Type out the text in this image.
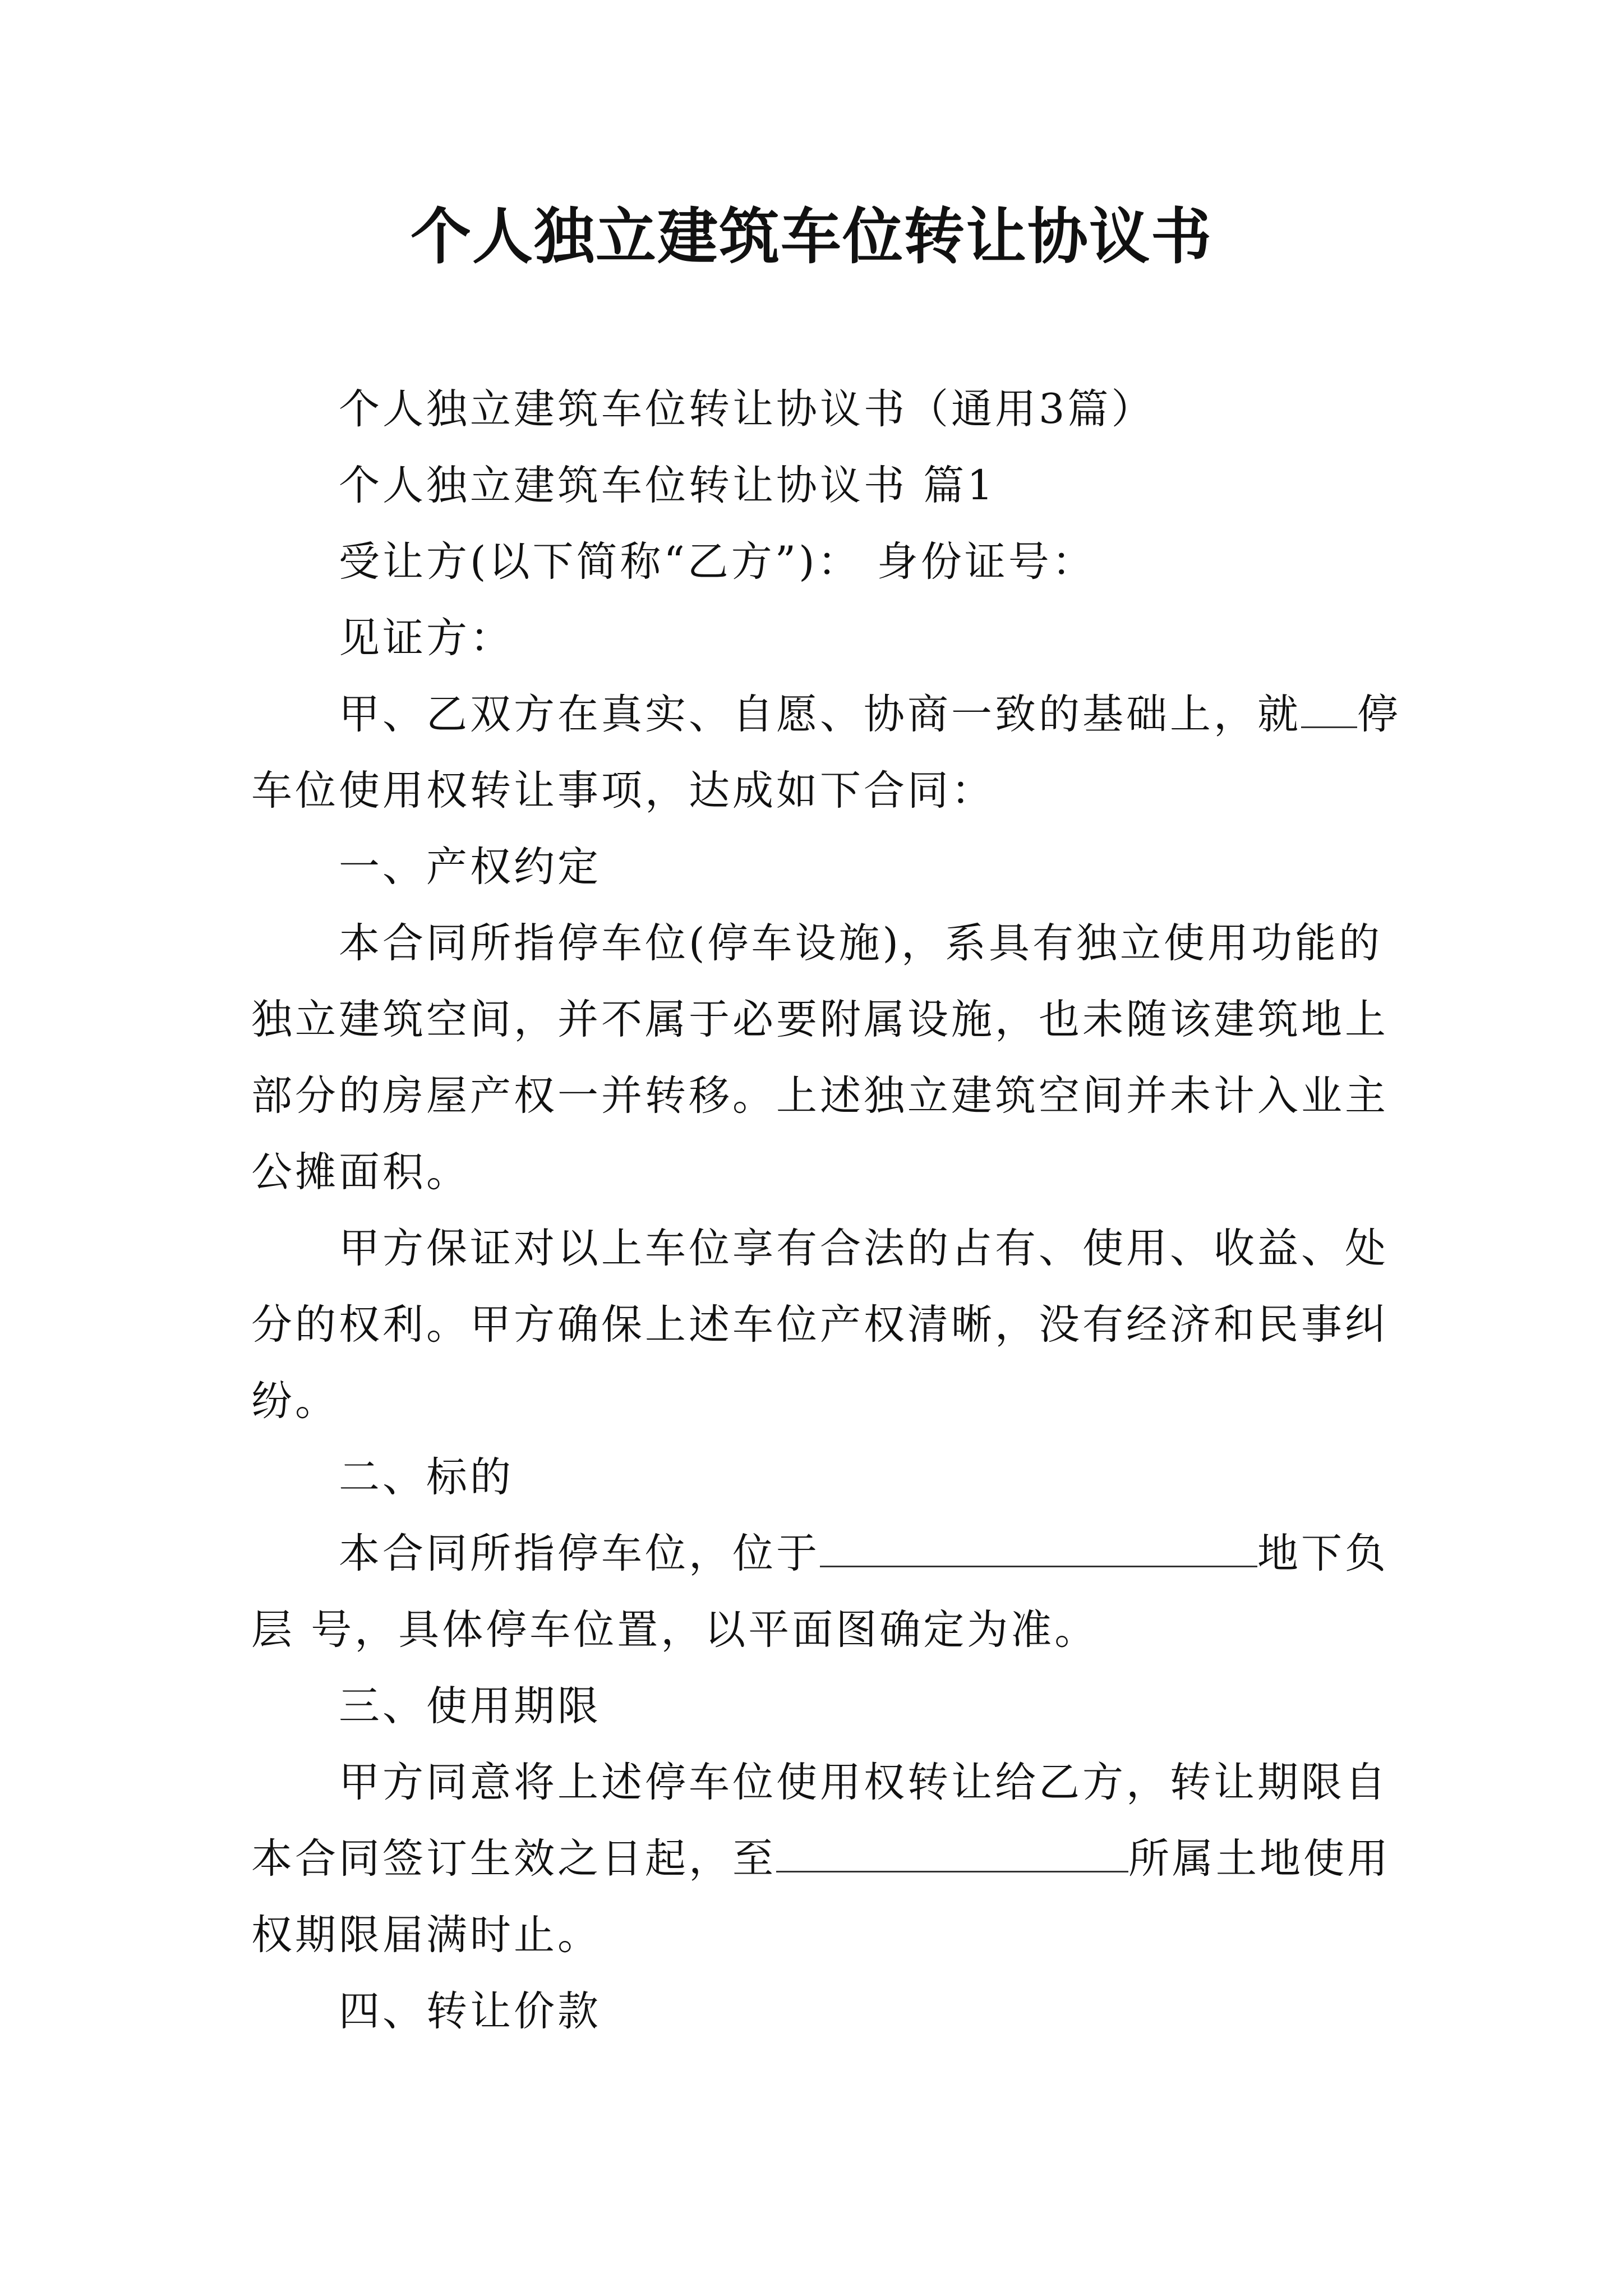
个人独立建筑车位转让协议书
个人独立建筑车位转让协议书（通用3篇）
个人独立建筑车位转让协议书 篇1
受让方(以下简称“乙方”)： 身份证号：
见证方：
甲、乙双方在真实、自愿、协商一致的基础上，就 停
车位使用权转让事项，达成如下合同：
一、产权约定
本合同所指停车位(停车设施)，系具有独立使用功能的
独立建筑空间，并不属于必要附属设施，也未随该建筑地上
部分的房屋产权一并转移。上述独立建筑空间并未计入业主
公摊面积。
甲方保证对以上车位享有合法的占有、使用、收益、处
分的权利。甲方确保上述车位产权清晰，没有经济和民事纠
纷。
二、标的
本合同所指停车位，位于	地下负
层 号，具体停车位置，以平面图确定为准。
三、使用期限
甲方同意将上述停车位使用权转让给乙方，转让期限自
本合同签订生效之日起，至	所属土地使用
权期限届满时止。
四、转让价款
